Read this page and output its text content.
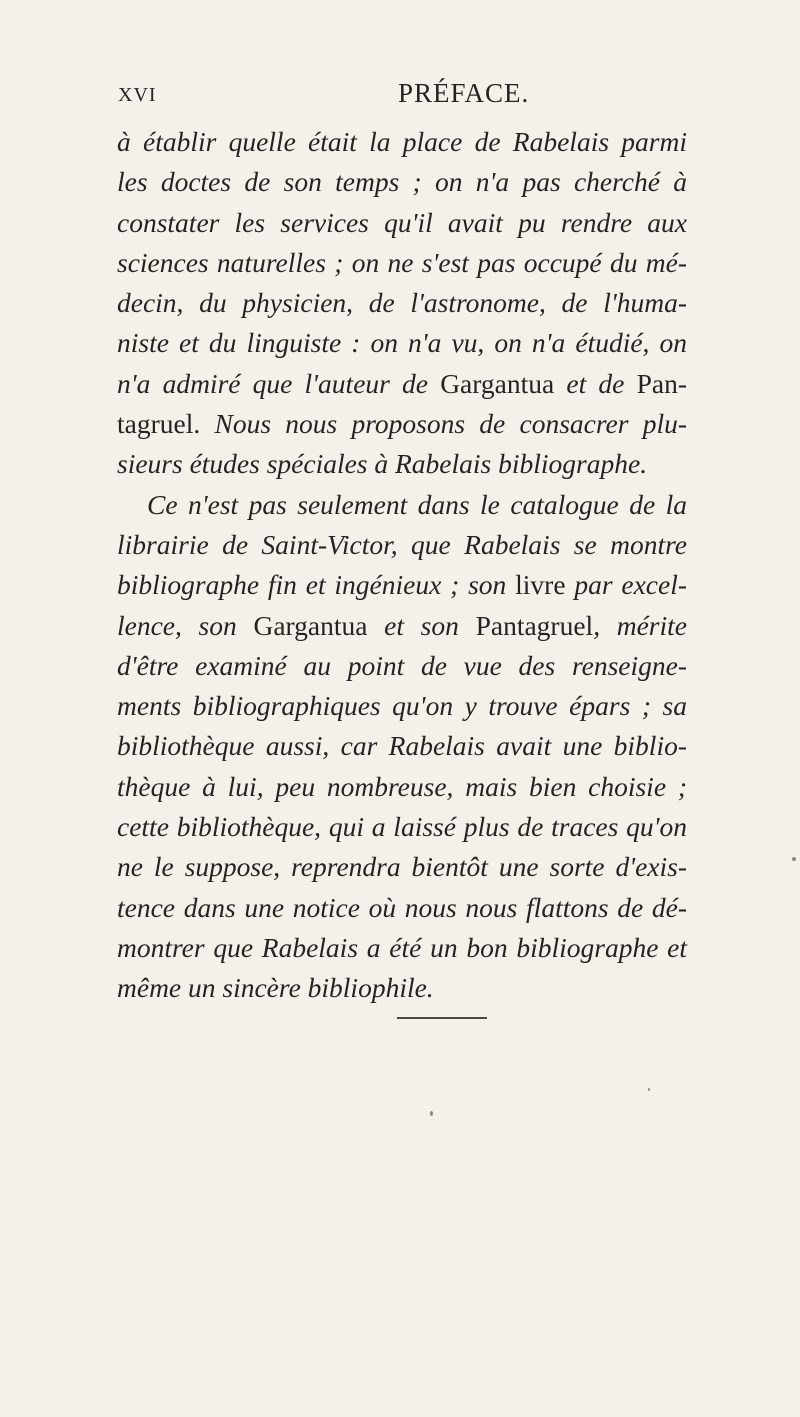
XVI	PRÉFACE.
à établir quelle était la place de Rabelais parmi
les doctes de son temps ; on n'a pas cherché à
constater les services qu'il avait pu rendre aux
sciences naturelles ; on ne s'est pas occupé du mé-
decin, du physicien, de l'astronome, de l'huma-
niste et du linguiste : on n'a vu, on n'a étudié, on
n'a admiré que l'auteur de Gargantua et de Pan-
tagruel. Nous nous proposons de consacrer plu-
sieurs études spéciales à Rabelais bibliographe.
Ce n'est pas seulement dans le catalogue de la
librairie de Saint-Victor, que Rabelais se montre
bibliographe fin et ingénieux ; son livre par excel-
lence, son Gargantua et son Pantagruel, mérite
d'être examiné au point de vue des renseigne-
ments bibliographiques qu'on y trouve épars ; sa
bibliothèque aussi, car Rabelais avait une biblio-
thèque à lui, peu nombreuse, mais bien choisie ;
cette bibliothèque, qui a laissé plus de traces qu'on
ne le suppose, reprendra bientôt une sorte d'exis-
tence dans une notice où nous nous flattons de dé-
montrer que Rabelais a été un bon bibliographe et
même un sincère bibliophile.
